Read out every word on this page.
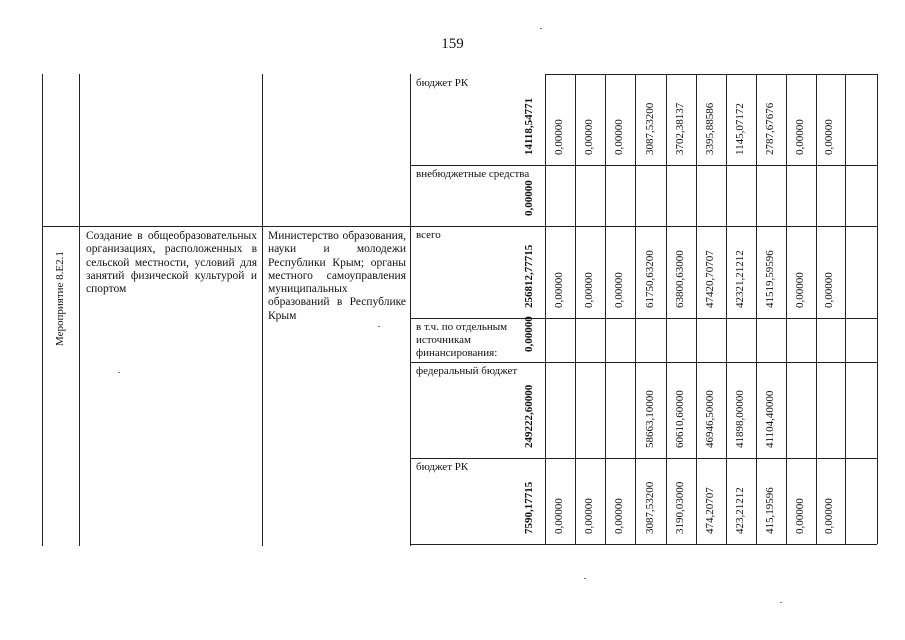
159
Мероприятие 8.Е2.1
Создание в общеобразовательных организациях, расположенных в сельской местности, условий для занятий физической культурой и спортом
Министерство образования, науки и молодежи Республики Крым; органы местного самоуправления муниципальных образований в Республике Крым
бюджет РК
14118,54771 0,00000 0,00000 0,00000 3087,53200 3702,38137 3395,88586 1145,07172 2787,67676 0,00000 0,00000
внебюджетные средства
0,00000
всего
256812,77715 0,00000 0,00000 0,00000 61750,63200 63800,63000 47420,70707 42321,21212 41519,59596 0,00000 0,00000
в т.ч. по отдельным источникам финансирования:
0,00000
федеральный бюджет
249222,60000	58663,10000 60610,60000 46946,50000 41898,00000 41104,40000
бюджет РК
7590,17715 0,00000 0,00000 0,00000 3087,53200 3190,03000 474,20707 423,21212 415,19596 0,00000 0,00000
